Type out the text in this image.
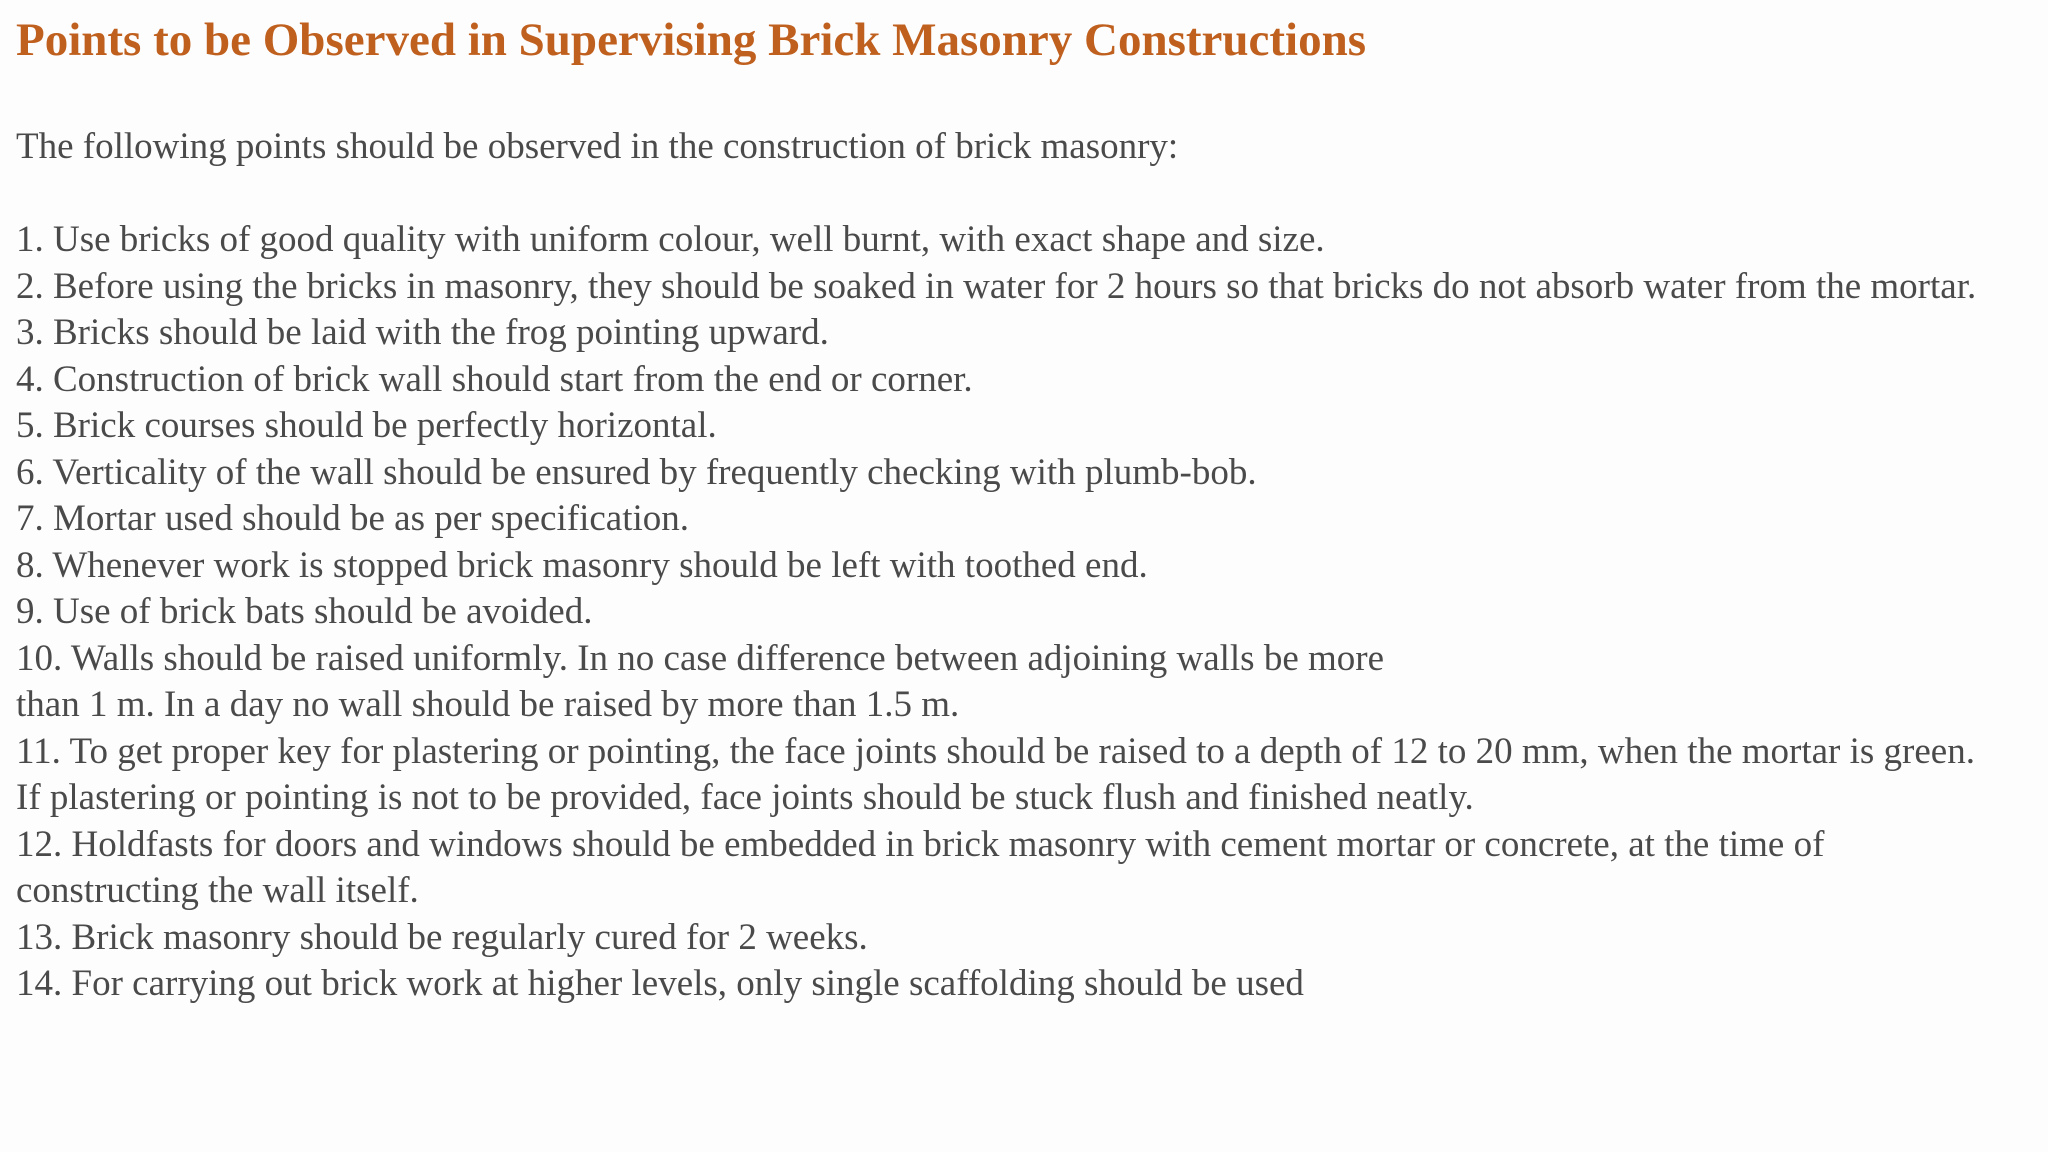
Points to be Observed in Supervising Brick Masonry Constructions

The following points should be observed in the construction of brick masonry:

1. Use bricks of good quality with uniform colour, well burnt, with exact shape and size.
2. Before using the bricks in masonry, they should be soaked in water for 2 hours so that bricks do not absorb water from the mortar.
3. Bricks should be laid with the frog pointing upward.
4. Construction of brick wall should start from the end or corner.
5. Brick courses should be perfectly horizontal.
6. Verticality of the wall should be ensured by frequently checking with plumb-bob.
7. Mortar used should be as per specification.
8. Whenever work is stopped brick masonry should be left with toothed end.
9. Use of brick bats should be avoided.
10. Walls should be raised uniformly. In no case difference between adjoining walls be more
than 1 m. In a day no wall should be raised by more than 1.5 m.
11. To get proper key for plastering or pointing, the face joints should be raised to a depth of 12 to 20 mm, when the mortar is green. If plastering or pointing is not to be provided, face joints should be stuck flush and finished neatly.
12. Holdfasts for doors and windows should be embedded in brick masonry with cement mortar or concrete, at the time of constructing the wall itself.
13. Brick masonry should be regularly cured for 2 weeks.
14. For carrying out brick work at higher levels, only single scaffolding should be used
